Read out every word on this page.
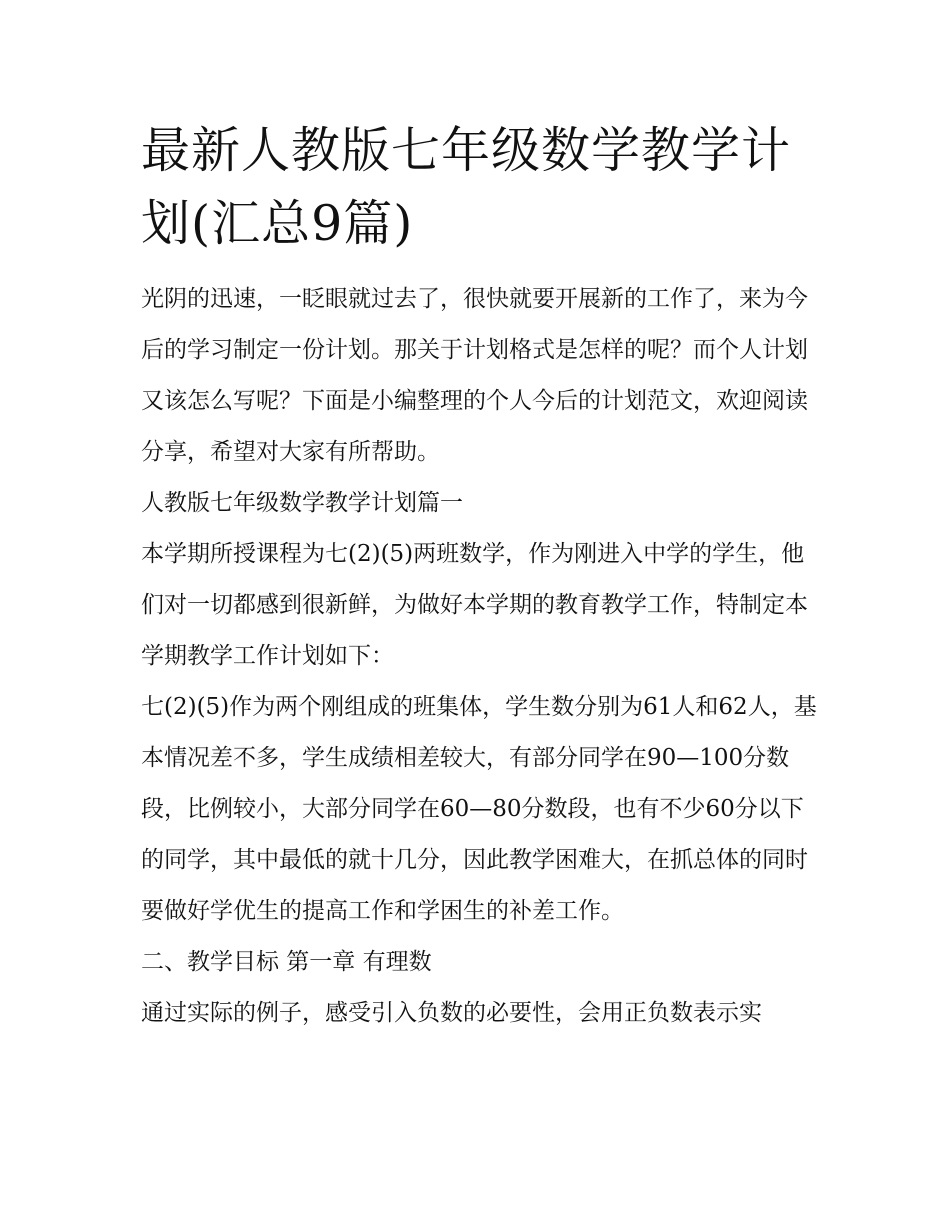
最新人教版七年级数学教学计划(汇总9篇)

光阴的迅速，一眨眼就过去了，很快就要开展新的工作了，来为今后的学习制定一份计划。那关于计划格式是怎样的呢？而个人计划又该怎么写呢？下面是小编整理的个人今后的计划范文，欢迎阅读分享，希望对大家有所帮助。

人教版七年级数学教学计划篇一

本学期所授课程为七(2)(5)两班数学，作为刚进入中学的学生，他们对一切都感到很新鲜，为做好本学期的教育教学工作，特制定本学期教学工作计划如下：

七(2)(5)作为两个刚组成的班集体，学生数分别为61人和62人，基本情况差不多，学生成绩相差较大，有部分同学在90—100分数段，比例较小，大部分同学在60—80分数段，也有不少60分以下的同学，其中最低的就十几分，因此教学困难大，在抓总体的同时要做好学优生的提高工作和学困生的补差工作。

二、教学目标 第一章 有理数

通过实际的例子，感受引入负数的必要性，会用正负数表示实
